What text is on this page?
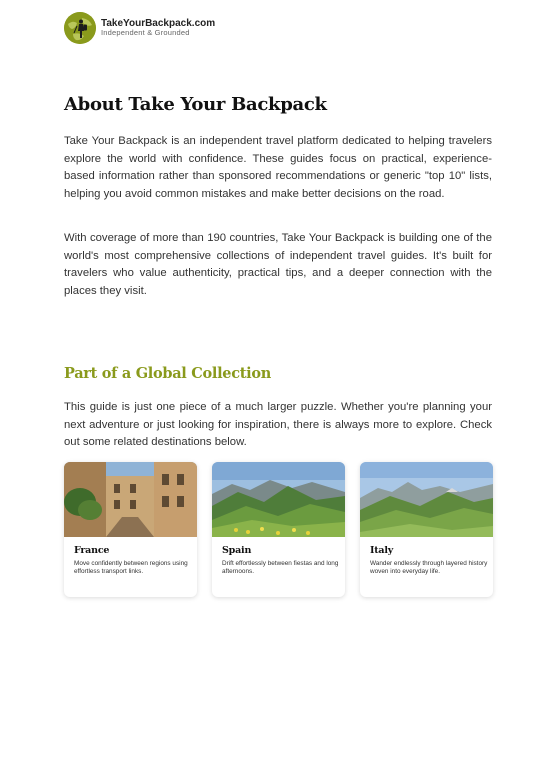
TakeYourBackpack.com
Independent & Grounded
About Take Your Backpack

Take Your Backpack is an independent travel platform dedicated to helping travelers explore the world with confidence. These guides focus on practical, experience-based information rather than sponsored recommendations or generic "top 10" lists, helping you avoid common mistakes and make better decisions on the road.

With coverage of more than 190 countries, Take Your Backpack is building one of the world's most comprehensive collections of independent travel guides. It's built for travelers who value authenticity, practical tips, and a deeper connection with the places they visit.

Part of a Global Collection

This guide is just one piece of a much larger puzzle. Whether you're planning your next adventure or just looking for inspiration, there is always more to explore. Check out some related destinations below.

France
Move confidently between regions using effortless transport links.
Spain
Drift effortlessly between fiestas and long afternoons.
Italy
Wander endlessly through layered history woven into everyday life.
